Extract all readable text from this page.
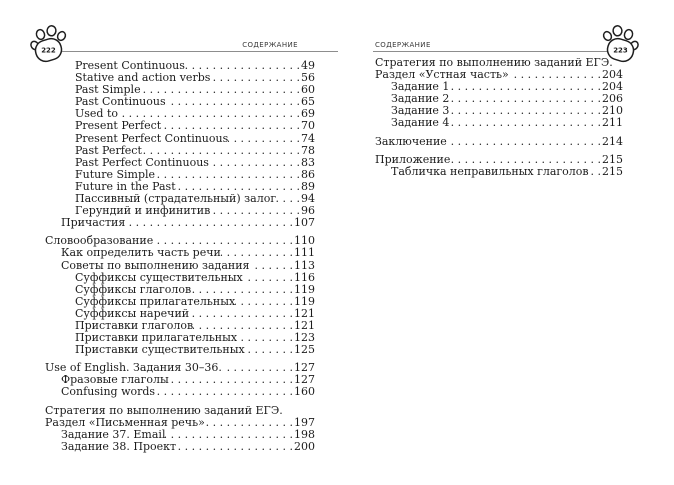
222
СОДЕРЖАНИЕ
Present Continuous . . .	49
Stative and action verbs . . .	56
Past Simple . . .	60
Past Continuous . . .	65
Used to . . .	69
Present Perfect . . .	70
Present Perfect Continuous . . .	74
Past Perfect . . .	78
Past Perfect Continuous . . .	83
Future Simple . . .	86
Future in the Past . . .	89
Пассивный (страдательный) залог . . . 94
Герундий и инфинитив . . .	96
Причастия . . .	107
Словообразование . . .	110
Как определить часть речи . . .	111
Советы по выполнению задания . . .	113
Суффиксы существительных . . .	116
Суффиксы глаголов . . .	119
Суффиксы прилагательных . . .	119
Суффиксы наречий . . .	121
Приставки глаголов . . .	121
Приставки прилагательных . . .	123
Приставки существительных . . .	125
Use of English. Задания 30–36. . . .	127
Фразовые глаголы . . .	127
Confusing words . . .	160
Стратегия по выполнению заданий ЕГЭ.
Раздел «Письменная речь» . . .	197
Задание 37. Email . . .	198
Задание 38. Проект . . .	200
СОДЕРЖАНИЕ
223
Стратегия по выполнению заданий ЕГЭ.
Раздел «Устная часть» . . .	204
Задание 1 . . .	204
Задание 2 . . .	206
Задание 3 . . .	210
Задание 4 . . .	211
Заключение . . .	214
Приложение . . .	215
Табличка неправильных глаголов . . . 215
